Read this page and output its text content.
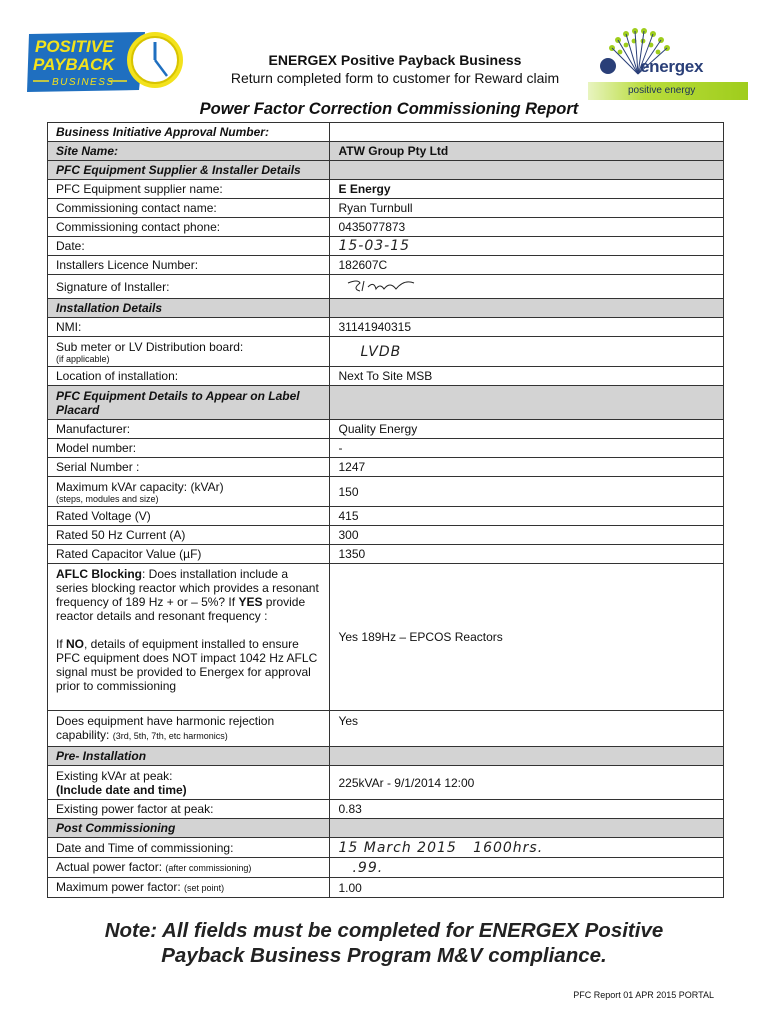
POSITIVE
PAYBACK
BUSINESS
ENERGEX Positive Payback Business
Return completed form to customer for Reward claim
energex
positive energy
Power Factor Correction Commissioning Report
Business Initiative Approval Number:	
Site Name:	ATW Group Pty Ltd
PFC Equipment Supplier & Installer Details	
PFC Equipment supplier name:	E Energy
Commissioning contact name:	Ryan Turnbull
Commissioning contact phone:	0435077873
Date:	15-03-15
Installers Licence Number:	182607C
Signature of Installer:	
Installation Details	
NMI:	31141940315
Sub meter or LV Distribution board:
(if applicable)	LVDB
Location of installation:	Next To Site MSB
PFC Equipment Details to Appear on Label Placard	
Manufacturer:	Quality Energy
Model number:	-
Serial Number :	1247
Maximum kVAr capacity: (kVAr)
(steps, modules and size)	150
Rated Voltage (V)	415
Rated 50 Hz Current (A)	300
Rated Capacitor Value (µF)	1350

AFLC Blocking: Does installation include a series blocking reactor which provides a resonant frequency of 189 Hz + or – 5%? If YES provide reactor details and resonant frequency :
If NO, details of equipment installed to ensure PFC equipment does NOT impact 1042 Hz AFLC signal must be provided to Energex for approval prior to commissioning	Yes 189Hz – EPCOS Reactors
Does equipment have harmonic rejection capability: (3rd, 5th, 7th, etc harmonics)	Yes
Pre- Installation	

Existing kVAr at peak:
(Include date and time)	225kVAr - 9/1/2014 12:00
Existing power factor at peak:	0.83
Post Commissioning	
Date and Time of commissioning:	15 March 2015   1600hrs.
Actual power factor: (after commissioning)	.99.
Maximum power factor: (set point)	1.00
Note: All fields must be completed for ENERGEX Positive
Payback Business Program M&V compliance.
PFC Report 01 APR 2015 PORTAL
